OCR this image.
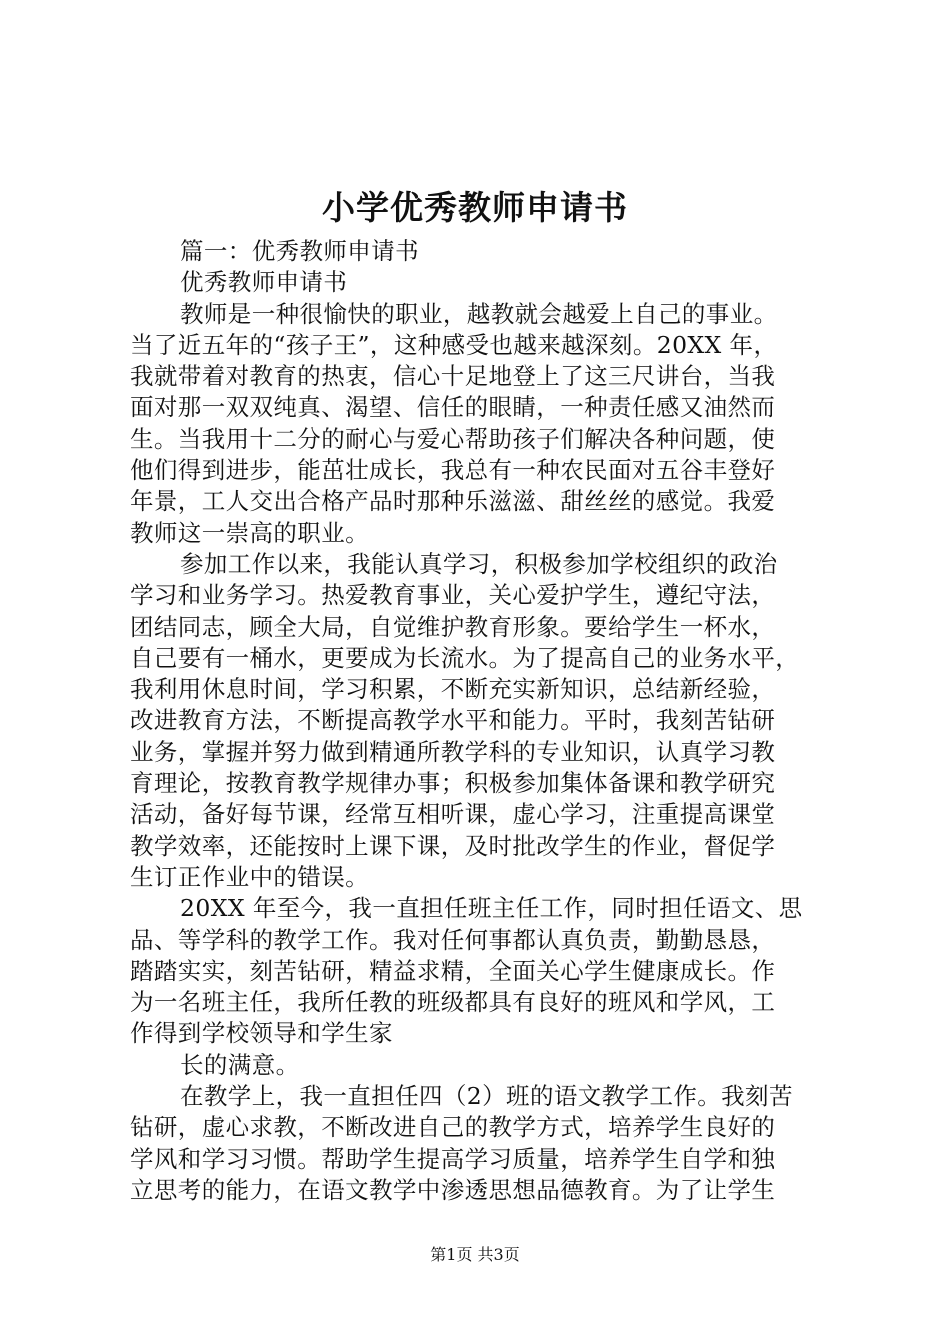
小学优秀教师申请书
篇一：优秀教师申请书
优秀教师申请书
教师是一种很愉快的职业，越教就会越爱上自己的事业。
当了近五年的“孩子王”，这种感受也越来越深刻。20XX 年，
我就带着对教育的热衷，信心十足地登上了这三尺讲台，当我
面对那一双双纯真、渴望、信任的眼睛，一种责任感又油然而
生。当我用十二分的耐心与爱心帮助孩子们解决各种问题，使
他们得到进步，能茁壮成长，我总有一种农民面对五谷丰登好
年景，工人交出合格产品时那种乐滋滋、甜丝丝的感觉。我爱
教师这一崇高的职业。
参加工作以来，我能认真学习，积极参加学校组织的政治
学习和业务学习。热爱教育事业，关心爱护学生，遵纪守法，
团结同志，顾全大局，自觉维护教育形象。要给学生一杯水，
自己要有一桶水，更要成为长流水。为了提高自己的业务水平，
我利用休息时间，学习积累，不断充实新知识，总结新经验，
改进教育方法，不断提高教学水平和能力。平时，我刻苦钻研
业务，掌握并努力做到精通所教学科的专业知识，认真学习教
育理论，按教育教学规律办事；积极参加集体备课和教学研究
活动，备好每节课，经常互相听课，虚心学习，注重提高课堂
教学效率，还能按时上课下课，及时批改学生的作业，督促学
生订正作业中的错误。
20XX 年至今，我一直担任班主任工作，同时担任语文、思
品、等学科的教学工作。我对任何事都认真负责，勤勤恳恳，
踏踏实实，刻苦钻研，精益求精，全面关心学生健康成长。作
为一名班主任，我所任教的班级都具有良好的班风和学风，工
作得到学校领导和学生家
长的满意。
在教学上，我一直担任四（2）班的语文教学工作。我刻苦
钻研，虚心求教，不断改进自己的教学方式，培养学生良好的
学风和学习习惯。帮助学生提高学习质量，培养学生自学和独
立思考的能力，在语文教学中渗透思想品德教育。为了让学生
第1页 共3页
